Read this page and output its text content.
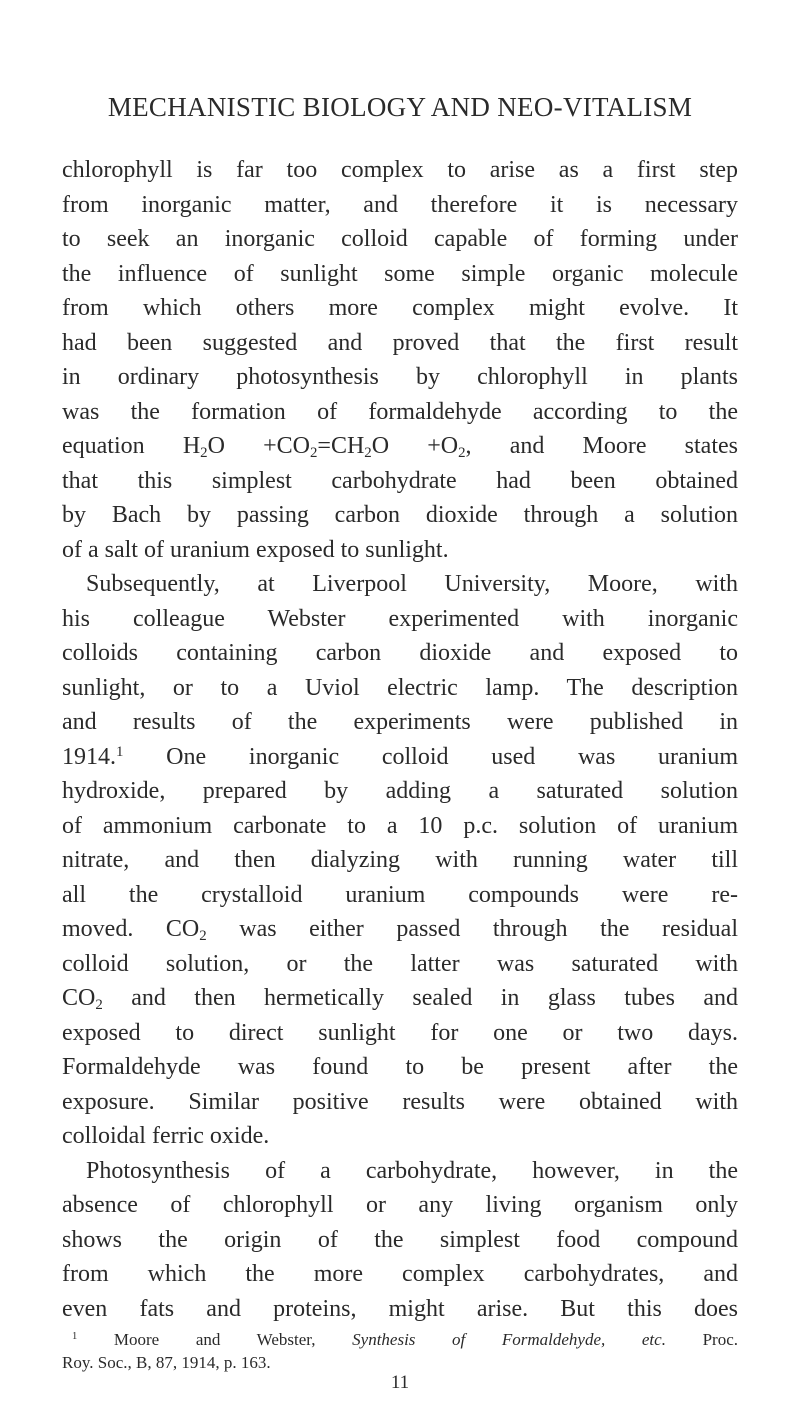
MECHANISTIC BIOLOGY AND NEO-VITALISM
chlorophyll is far too complex to arise as a first step
from inorganic matter, and therefore it is necessary
to seek an inorganic colloid capable of forming under
the influence of sunlight some simple organic molecule
from which others more complex might evolve. It
had been suggested and proved that the first result
in ordinary photosynthesis by chlorophyll in plants
was the formation of formaldehyde according to the
equation $H_2O +CO_2=CH_2O +O_2$, and Moore states
that this simplest carbohydrate had been obtained
by Bach by passing carbon dioxide through a solution
of a salt of uranium exposed to sunlight.
Subsequently, at Liverpool University, Moore, with
his colleague Webster experimented with inorganic
colloids containing carbon dioxide and exposed to
sunlight, or to a Uviol electric lamp. The description
and results of the experiments were published in
1914.$^1$ One inorganic colloid used was uranium
hydroxide, prepared by adding a saturated solution
of ammonium carbonate to a 10 p.c. solution of uranium
nitrate, and then dialyzing with running water till
all the crystalloid uranium compounds were re-
moved. $CO_2$ was either passed through the residual
colloid solution, or the latter was saturated with
$CO_2$ and then hermetically sealed in glass tubes and
exposed to direct sunlight for one or two days.
Formaldehyde was found to be present after the
exposure. Similar positive results were obtained with
colloidal ferric oxide.
Photosynthesis of a carbohydrate, however, in the
absence of chlorophyll or any living organism only
shows the origin of the simplest food compound
from which the more complex carbohydrates, and
even fats and proteins, might arise. But this does
$^1$ Moore and Webster, Synthesis of Formaldehyde, etc. Proc.
Roy. Soc., B, 87, 1914, p. 163.
11
